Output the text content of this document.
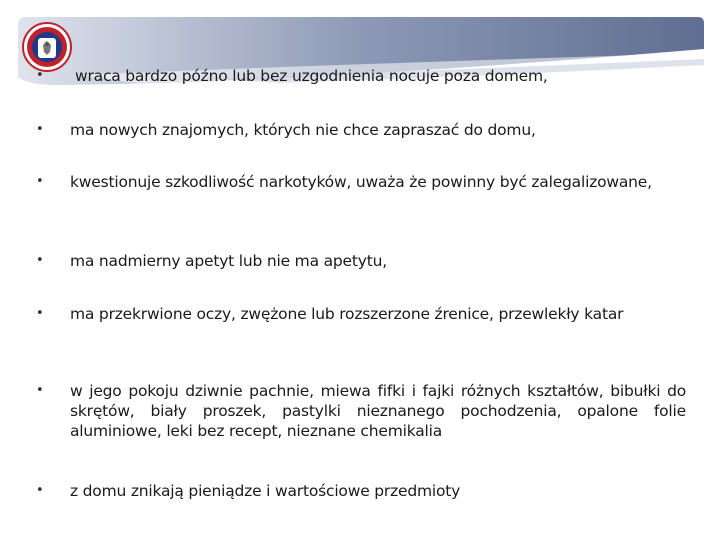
•	wraca bardzo późno lub bez uzgodnienia nocuje poza domem,
•	ma nowych znajomych, których nie chce zapraszać do domu,
•	kwestionuje szkodliwość narkotyków, uważa że powinny być zalegalizowane,
•	ma nadmierny apetyt lub nie ma apetytu,
•	ma przekrwione oczy, zwężone lub rozszerzone źrenice, przewlekły katar
•	w jego pokoju dziwnie pachnie, miewa fifki i fajki różnych kształtów, bibułki do skrętów, biały proszek, pastylki nieznanego pochodzenia, opalone folie aluminiowe, leki bez recept, nieznane chemikalia
•	z domu znikają pieniądze i wartościowe przedmioty
